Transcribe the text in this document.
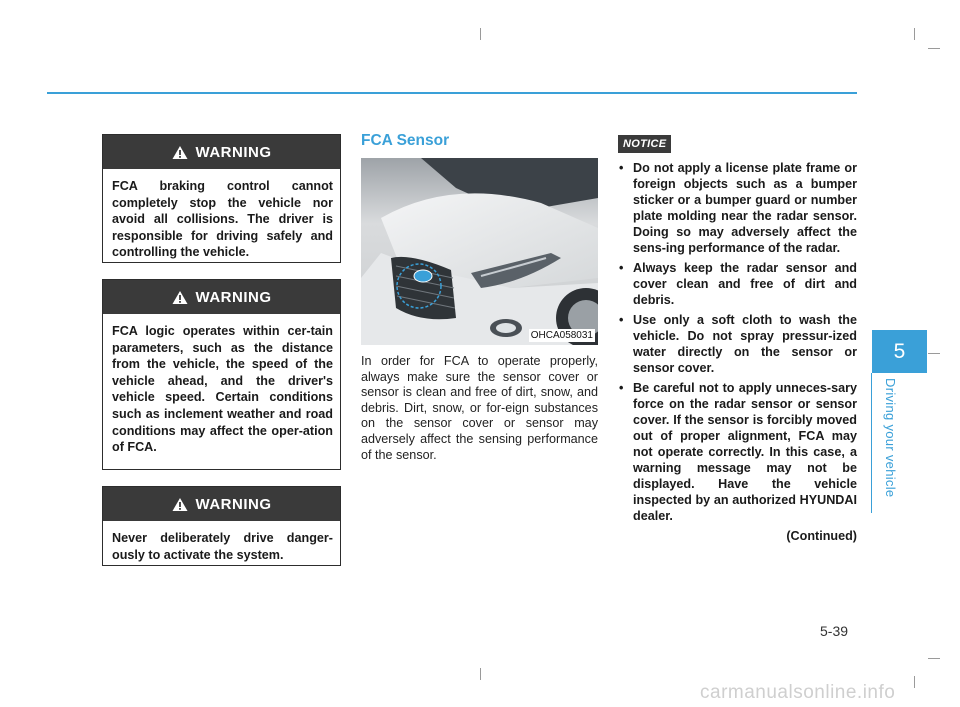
WARNING
FCA braking control cannot completely stop the vehicle nor avoid all collisions. The driver is responsible for driving safely and controlling the vehicle.
WARNING
FCA logic operates within cer-tain parameters, such as the distance from the vehicle, the speed of the vehicle ahead, and the driver's vehicle speed. Certain conditions such as inclement weather and road conditions may affect the oper-ation of FCA.
WARNING
Never deliberately drive danger-ously to activate the system.
FCA Sensor
OHCA058031
In order for FCA to operate properly, always make sure the sensor cover or sensor is clean and free of dirt, snow, and debris. Dirt, snow, or for-eign substances on the sensor cover or sensor may adversely affect the sensing performance of the sensor.
NOTICE
• Do not apply a license plate frame or foreign objects such as a bumper sticker or a bumper guard or number plate molding near the radar sensor. Doing so may adversely affect the sens-ing performance of the radar.
• Always keep the radar sensor and cover clean and free of dirt and debris.
• Use only a soft cloth to wash the vehicle. Do not spray pressur-ized water directly on the sensor or sensor cover.
• Be careful not to apply unneces-sary force on the radar sensor or sensor cover. If the sensor is forcibly moved out of proper alignment, FCA may not operate correctly. In this case, a warning message may not be displayed. Have the vehicle inspected by an authorized HYUNDAI dealer.
(Continued)
5
Driving your vehicle
5-39
carmanualsonline.info
